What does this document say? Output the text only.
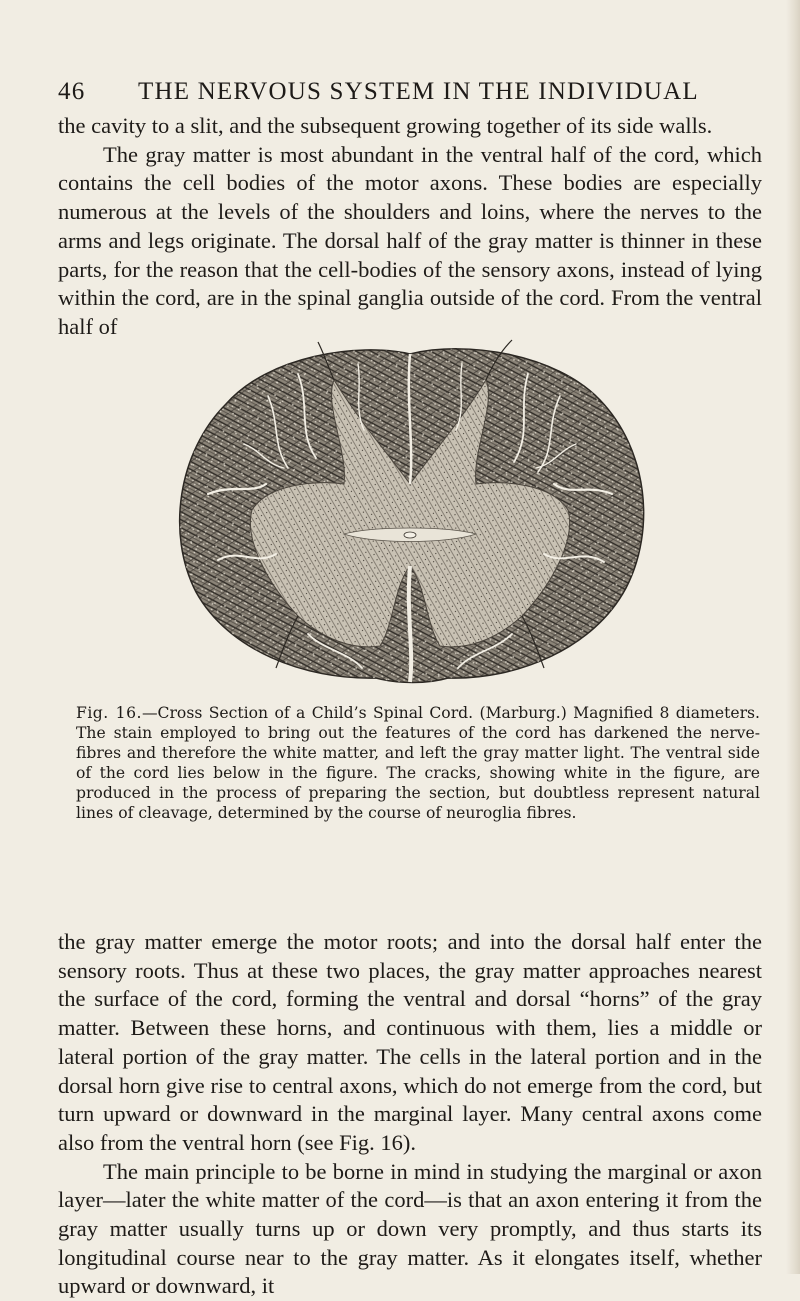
46 THE NERVOUS SYSTEM IN THE INDIVIDUAL

the cavity to a slit, and the subsequent growing together of its side walls.

The gray matter is most abundant in the ventral half of the cord, which contains the cell bodies of the motor axons. These bodies are especially numerous at the levels of the shoulders and loins, where the nerves to the arms and legs originate. The dorsal half of the gray matter is thinner in these parts, for the reason that the cell-bodies of the sensory axons, instead of lying within the cord, are in the spinal ganglia outside of the cord. From the ventral half of

Fig. 16.—Cross Section of a Child’s Spinal Cord. (Marburg.) Magnified 8 diameters. The stain employed to bring out the features of the cord has darkened the nerve-fibres and therefore the white matter, and left the gray matter light. The ventral side of the cord lies below in the figure. The cracks, showing white in the figure, are produced in the process of preparing the section, but doubtless represent natural lines of cleavage, determined by the course of neuroglia fibres.

the gray matter emerge the motor roots; and into the dorsal half enter the sensory roots. Thus at these two places, the gray matter approaches nearest the surface of the cord, forming the ventral and dorsal “horns” of the gray matter. Between these horns, and continuous with them, lies a middle or lateral portion of the gray matter. The cells in the lateral portion and in the dorsal horn give rise to central axons, which do not emerge from the cord, but turn upward or downward in the marginal layer. Many central axons come also from the ventral horn (see Fig. 16).

The main principle to be borne in mind in studying the marginal or axon layer—later the white matter of the cord—is that an axon entering it from the gray matter usually turns up or down very promptly, and thus starts its longitudinal course near to the gray matter. As it elongates itself, whether upward or downward, it
